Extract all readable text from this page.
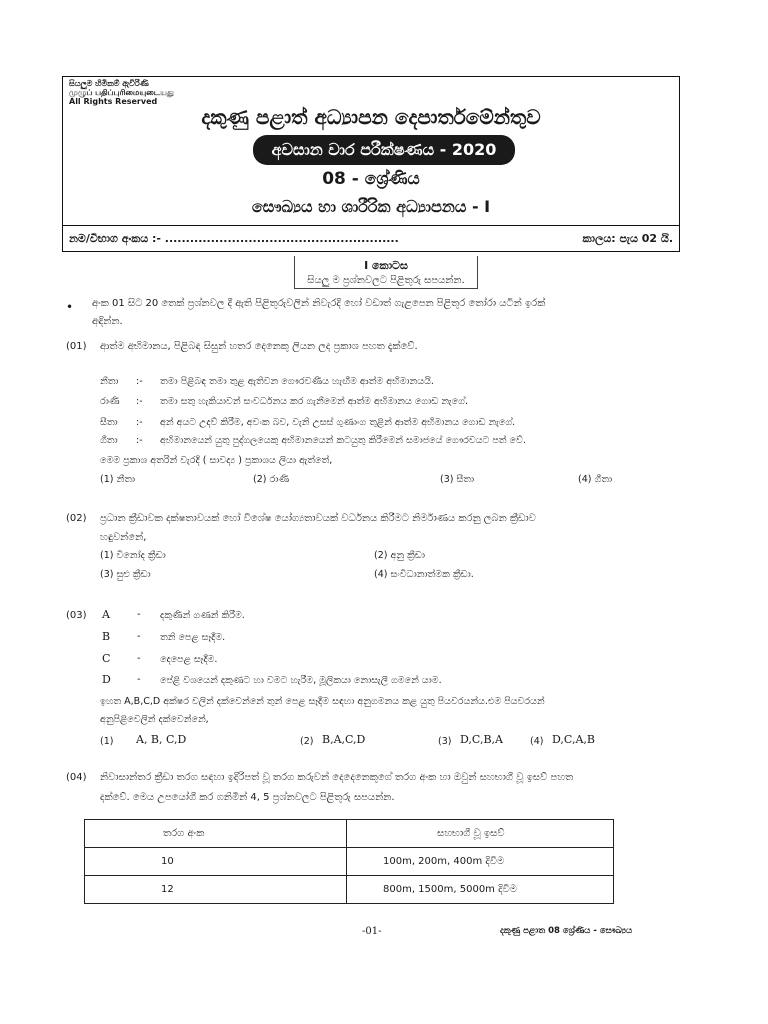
සියලුම හිමිකම් ඇවිරිණි
முழுப் பதிப்புரிமையுடையது
All Rights Reserved
දකුණු පළාත් අධ්‍යාපන දෙපාර්තමේන්තුව
අවසාන වාර පරීක්ෂණය - 2020
08 - ශ්‍රේණිය
සෞඛ්‍යය හා ශාරීරික අධ්‍යාපනය - I
නම/විභාග අංකය :- ........................................................	කාලය: පැය 02 යි.
I කොටස
සියලු ම ප්‍රශ්නවලට පිළිතුරු සපයන්න.
• අංක 01 සිට 20 තෙක් ප්‍රශ්නවල දී ඇති පිළිතුරුවලින් නිවැරදි හෝ වඩාත් ගැළපෙන පිළිතුර තෝරා යටින් ඉරක්
අඳින්න.
(01) ආත්ම අභිමානය, පිළිබඳ සිසුන් හතර දෙනෙකු ලියන ලද ප්‍රකාශ පහත දැක්වේ.
නීතා :- තමා පිළිබඳ තමා තුළ ඇතිවන ගෞරවණීය හැඟීම ආත්ම අභිමානයයි.
රාණි :- තමා සතු හැකියාවන් සංවර්ධනය කර ගැනීමෙන් ආත්ම අභිමානය ගොඩ නැගේ.
සීතා :- අන් අයට උදව් කිරීම, අවංක බව, වැනි උසස් ගුණාංග තුළින් ආත්ම අභිමානය ගොඩ නැගේ.
ගීතා :- අභිමානයෙන් යුතු පුද්ගලයෙකු අභිමානයෙන් කටයුතු කිරීමෙන් සමාජයේ ගෞරවයට පත් වේ.
මෙම ප්‍රකාශ අතරින් වැරදි ( සාවද්‍ය ) ප්‍රකාශය ලියා ඇත්තේ,
(1) නීතා	(2) රාණි	(3) සීතා	(4) ගීතා
(02) ප්‍රධාන ක්‍රීඩාවක දක්ෂතාවයක් හෝ විශේෂ යෝග්‍යතාවයක් වර්ධනය කිරීමට නිර්මාණය කරනු ලබන ක්‍රීඩාව
හඳුවන්නේ,
(1) විනෝද ක්‍රීඩා	(2) අනු ක්‍රීඩා
(3) සුළු ක්‍රීඩා	(4) සංවිධානාත්මක ක්‍රීඩා.
(03) A	- දකුණින් ගණන් කිරීම.
B	- තනි පෙළ සෑදීම.
C	- දෙපෙළ සෑදීම.
D	- පේළි වශයෙන් දකුණට හා වමට හැරීම, මූලිකයා නොසැලී ගමනේ යාම.
ඉහත A,B,C,D අක්ෂර වලින් දක්වෙන්නේ තුන් පෙළ සෑදීම සඳහා අනුගමනය කළ යුතු පියවරයන්ය.එම පියවරයන්
අනුපිළිවෙලින් දක්වෙන්නේ,
(1) A, B, C,D	(2) B,A,C,D	(3) D,C,B,A	(4) D,C,A,B
(04) නිවාසාන්තර ක්‍රීඩා තරග සඳහා ඉදිරිපත් වූ තරග කරුවන් දෙදෙනෙකුගේ තරග අංක හා ඔවුන් සහභාගී වූ ඉසව් පහත
දක්වේ. මෙය උපයෝගී කර ගනිමින් 4, 5 ප්‍රශ්නවලට පිළිතුරු සපයන්න.
තරග අංක	සහභාගී වූ ඉසව්
10	100m, 200m, 400m දිවීම
12	800m, 1500m, 5000m දිවීම
-01-	දකුණු පළාත 08 ශ්‍රේණිය - සෞඛ්‍යය
